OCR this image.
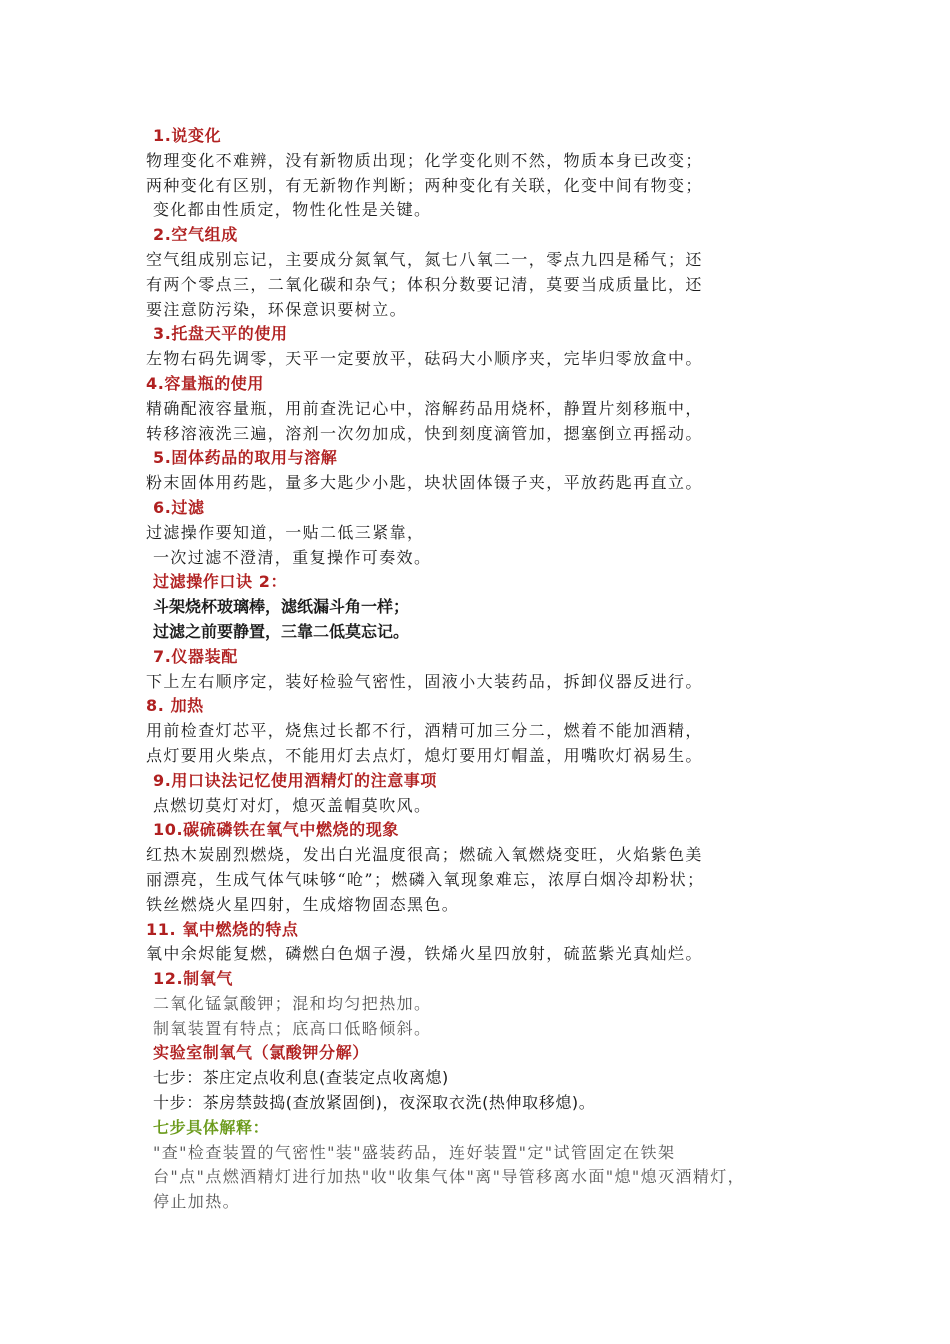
1.说变化

物理变化不难辨，没有新物质出现；化学变化则不然，物质本身已改变；

两种变化有区别，有无新物作判断；两种变化有关联，化变中间有物变；

变化都由性质定，物性化性是关键。

2.空气组成

空气组成别忘记，主要成分氮氧气，氮七八氧二一，零点九四是稀气；还

有两个零点三，二氧化碳和杂气；体积分数要记清，莫要当成质量比，还

要注意防污染，环保意识要树立。

3.托盘天平的使用

左物右码先调零，天平一定要放平，砝码大小顺序夹，完毕归零放盒中。

4.容量瓶的使用

精确配液容量瓶，用前查洗记心中，溶解药品用烧杯，静置片刻移瓶中，

转移溶液洗三遍，溶剂一次勿加成，快到刻度滴管加，摁塞倒立再摇动。

5.固体药品的取用与溶解

粉末固体用药匙，量多大匙少小匙，块状固体镊子夹，平放药匙再直立。

6.过滤

过滤操作要知道，一贴二低三紧靠，

一次过滤不澄清，重复操作可奏效。

过滤操作口诀 2：

斗架烧杯玻璃棒，滤纸漏斗角一样；

过滤之前要静置，三靠二低莫忘记。

7.仪器装配

下上左右顺序定，装好检验气密性，固液小大装药品，拆卸仪器反进行。

8. 加热

用前检查灯芯平，烧焦过长都不行，酒精可加三分二，燃着不能加酒精，

点灯要用火柴点，不能用灯去点灯，熄灯要用灯帽盖，用嘴吹灯祸易生。

9.用口诀法记忆使用酒精灯的注意事项

点燃切莫灯对灯，熄灭盖帽莫吹风。

10.碳硫磷铁在氧气中燃烧的现象

红热木炭剧烈燃烧，发出白光温度很高；燃硫入氧燃烧变旺，火焰紫色美

丽漂亮，生成气体气味够“呛”；燃磷入氧现象难忘，浓厚白烟冷却粉状；

铁丝燃烧火星四射，生成熔物固态黑色。

11. 氧中燃烧的特点

氧中余烬能复燃，磷燃白色烟子漫，铁烯火星四放射，硫蓝紫光真灿烂。

12.制氧气

二氧化锰氯酸钾；混和均匀把热加。

制氧装置有特点；底高口低略倾斜。

实验室制氧气（氯酸钾分解）

七步：茶庄定点收利息(查装定点收离熄)

十步：茶房禁鼓捣(查放紧固倒)，夜深取衣洗(热伸取移熄)。

七步具体解释：

"查"检查装置的气密性"装"盛装药品，连好装置"定"试管固定在铁架

台"点"点燃酒精灯进行加热"收"收集气体"离"导管移离水面"熄"熄灭酒精灯，

停止加热。
